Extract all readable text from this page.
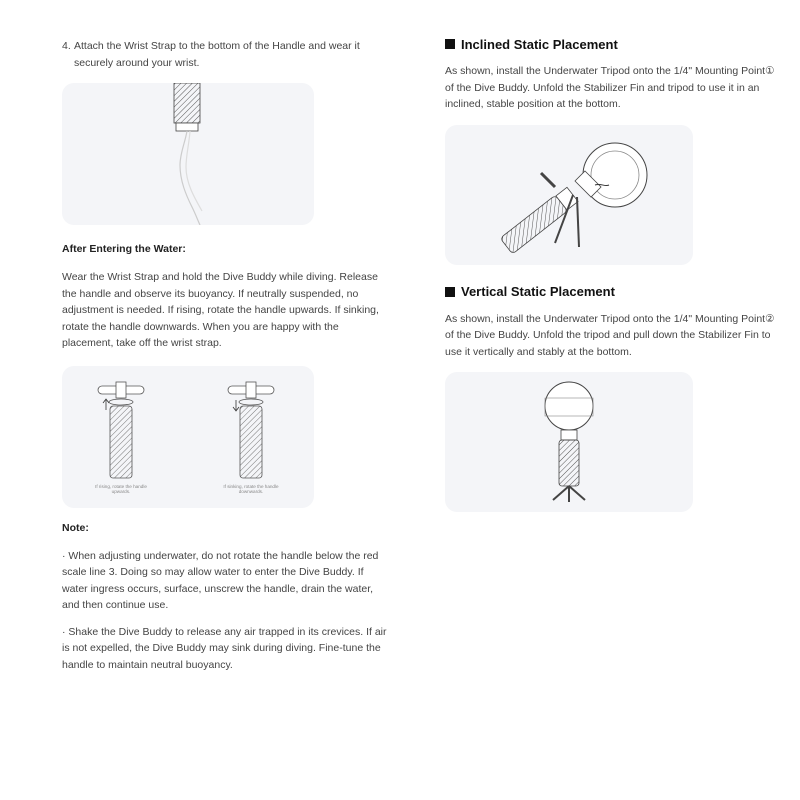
4. Attach the Wrist Strap to the bottom of the Handle and wear it securely around your wrist.

After Entering the Water:

Wear the Wrist Strap and hold the Dive Buddy while diving. Release the handle and observe its buoyancy. If neutrally suspended, no adjustment is needed. If rising, rotate the handle upwards. If sinking, rotate the handle downwards. When you are happy with the placement, take off the wrist strap.

If rising, rotate the handle upwards.
If sinking, rotate the handle downwards.

Note:

· When adjusting underwater, do not rotate the handle below the red scale line 3. Doing so may allow water to enter the Dive Buddy. If water ingress occurs, surface, unscrew the handle, drain the water, and then continue use.

· Shake the Dive Buddy to release any air trapped in its crevices. If air is not expelled, the Dive Buddy may sink during diving. Fine-tune the handle to maintain neutral buoyancy.

Inclined Static Placement

As shown, install the Underwater Tripod onto the 1/4" Mounting Point① of the Dive Buddy. Unfold the Stabilizer Fin and tripod to use it in an inclined, stable position at the bottom.

Vertical Static Placement

As shown, install the Underwater Tripod onto the 1/4" Mounting Point② of the Dive Buddy. Unfold the tripod and pull down the Stabilizer Fin to use it vertically and stably at the bottom.
